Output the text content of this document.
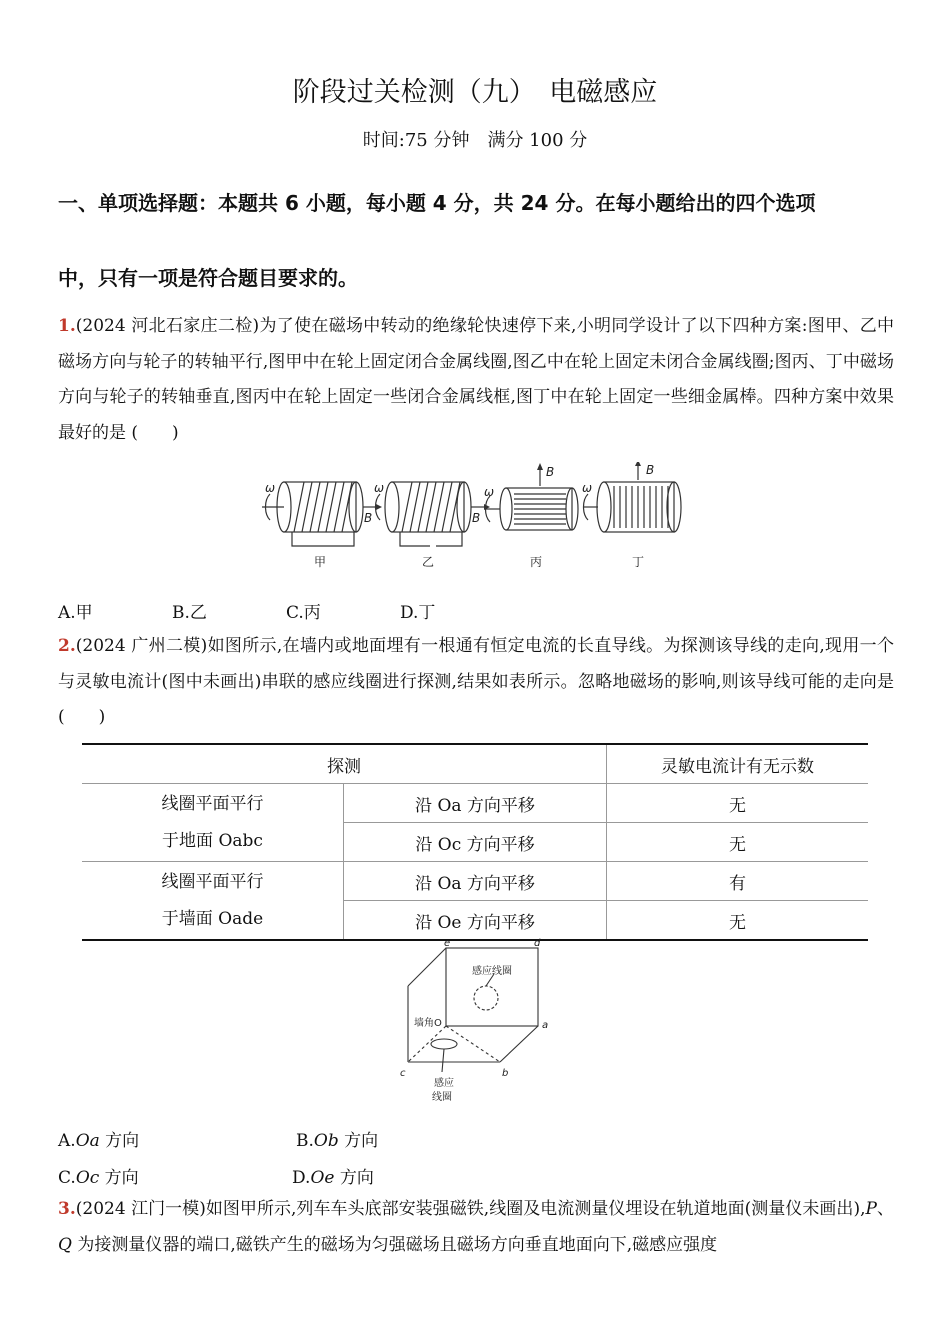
阶段过关检测（九）　电磁感应
时间:75 分钟　满分 100 分
一、单项选择题：本题共 6 小题，每小题 4 分，共 24 分。在每小题给出的四个选项
中，只有一项是符合题目要求的。
1.(2024 河北石家庄二检)为了使在磁场中转动的绝缘轮快速停下来,小明同学设计了以下四种方案:图甲、乙中磁场方向与轮子的转轴平行,图甲中在轮上固定闭合金属线圈,图乙中在轮上固定未闭合金属线圈;图丙、丁中磁场方向与轮子的转轴垂直,图丙中在轮上固定一些闭合金属线框,图丁中在轮上固定一些细金属棒。四种方案中效果最好的是 (　　)
ω
B
ω
B
ω
B
ω
B
甲	乙	丙	丁
A.甲	B.乙	C.丙	D.丁
2.(2024 广州二模)如图所示,在墙内或地面埋有一根通有恒定电流的长直导线。为探测该导线的走向,现用一个与灵敏电流计(图中未画出)串联的感应线圈进行探测,结果如表所示。忽略地磁场的影响,则该导线可能的走向是　(　　)
探测		灵敏电流计有无示数

线圈平面平行
于地面 Oabc	沿 Oa 方向平移	无
	沿 Oc 方向平移	无

线圈平面平行
于墙面 Oade	沿 Oa 方向平移	有
	沿 Oe 方向平移	无
感应线圈
墙角O
感应
线圈
e	d
a
b
c
A.Oa 方向	B.Ob 方向
C.Oc 方向	D.Oe 方向
3.(2024 江门一模)如图甲所示,列车车头底部安装强磁铁,线圈及电流测量仪埋设在轨道地面(测量仪未画出),P、Q 为接测量仪器的端口,磁铁产生的磁场为匀强磁场且磁场方向垂直地面向下,磁感应强度
